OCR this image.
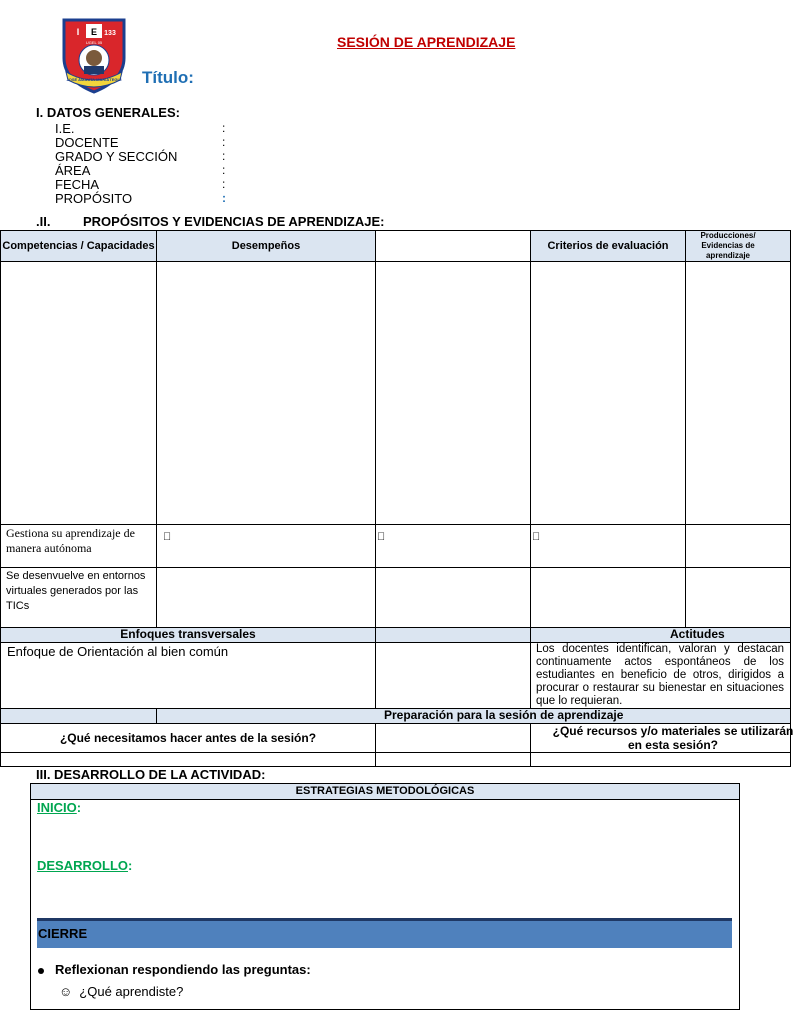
I E 133
UGEL 05
JOSÉ AMAUTA MARIÁTEGUI
SESIÓN DE APRENDIZAJE
Título:
I. DATOS GENERALES:
I.E.	:
DOCENTE	:
GRADO Y SECCIÓN	:
ÁREA	:
FECHA	:
PROPÓSITO	:
.II.	PROPÓSITOS Y EVIDENCIAS DE APRENDIZAJE:
Competencias / Capacidades	Desempeños		Criterios de evaluación	Producciones/ Evidencias de aprendizaje

Gestiona su aprendizaje de manera autónoma				
Se desenvuelve en entornos virtuales generados por las TICs				
Enfoques transversales			Actitudes	
Enfoque de Orientación al bien común			Los docentes identifican, valoran y destacan continuamente actos espontáneos de los estudiantes en beneficio de otros, dirigidos a procurar o restaurar su bienestar en situaciones que lo requieran.	

	Preparación para la sesión de aprendizaje			
¿Qué necesitamos hacer antes de la sesión?			¿Qué recursos y/o materiales se utilizarán en esta sesión?	

III. DESARROLLO DE LA ACTIVIDAD:
ESTRATEGIAS METODOLÓGICAS
INICIO:
DESARROLLO:
CIERRE
Reflexionan respondiendo las preguntas:
☺ ¿Qué aprendiste?
